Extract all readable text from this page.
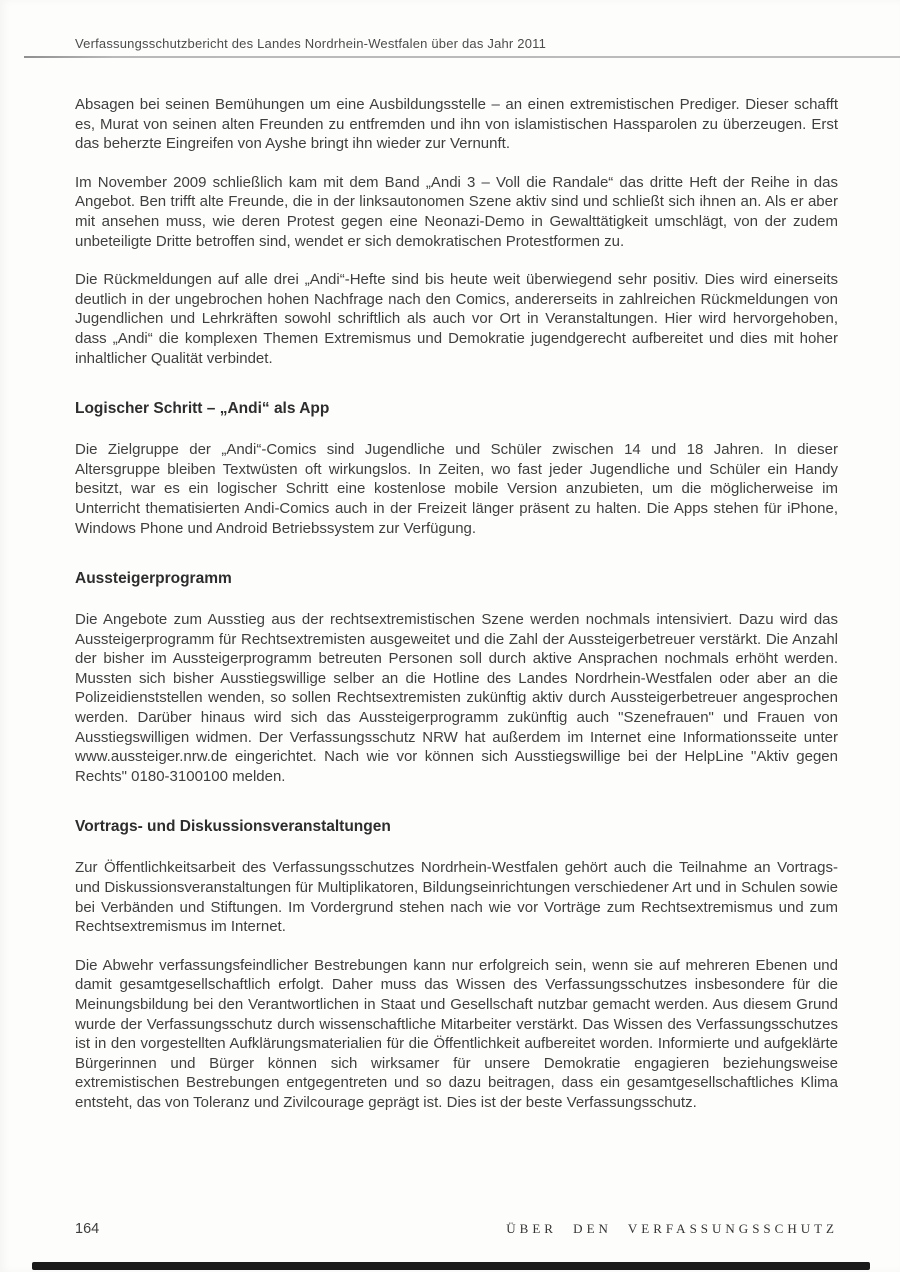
Verfassungsschutzbericht des Landes Nordrhein-Westfalen über das Jahr 2011

Absagen bei seinen Bemühungen um eine Ausbildungsstelle – an einen extremistischen Prediger. Dieser schafft es, Murat von seinen alten Freunden zu entfremden und ihn von islamistischen Hassparolen zu überzeugen. Erst das beherzte Eingreifen von Ayshe bringt ihn wieder zur Vernunft.

Im November 2009 schließlich kam mit dem Band „Andi 3 – Voll die Randale“ das dritte Heft der Reihe in das Angebot. Ben trifft alte Freunde, die in der linksautonomen Szene aktiv sind und schließt sich ihnen an. Als er aber mit ansehen muss, wie deren Protest gegen eine Neonazi-Demo in Gewalttätigkeit umschlägt, von der zudem unbeteiligte Dritte betroffen sind, wendet er sich demokratischen Protestformen zu.

Die Rückmeldungen auf alle drei „Andi“-Hefte sind bis heute weit überwiegend sehr positiv. Dies wird einerseits deutlich in der ungebrochen hohen Nachfrage nach den Comics, andererseits in zahlreichen Rückmeldungen von Jugendlichen und Lehrkräften sowohl schriftlich als auch vor Ort in Veranstaltungen. Hier wird hervorgehoben, dass „Andi“ die komplexen Themen Extremismus und Demokratie jugendgerecht aufbereitet und dies mit hoher inhaltlicher Qualität verbindet.

Logischer Schritt – „Andi“ als App

Die Zielgruppe der „Andi“-Comics sind Jugendliche und Schüler zwischen 14 und 18 Jahren. In dieser Altersgruppe bleiben Textwüsten oft wirkungslos. In Zeiten, wo fast jeder Jugendliche und Schüler ein Handy besitzt, war es ein logischer Schritt eine kostenlose mobile Version anzubieten, um die möglicherweise im Unterricht thematisierten Andi-Comics auch in der Freizeit länger präsent zu halten. Die Apps stehen für iPhone, Windows Phone und Android Betriebssystem zur Verfügung.

Aussteigerprogramm

Die Angebote zum Ausstieg aus der rechtsextremistischen Szene werden nochmals intensiviert. Dazu wird das Aussteigerprogramm für Rechtsextremisten ausgeweitet und die Zahl der Aussteigerbetreuer verstärkt. Die Anzahl der bisher im Aussteigerprogramm betreuten Personen soll durch aktive Ansprachen nochmals erhöht werden. Mussten sich bisher Ausstiegswillige selber an die Hotline des Landes Nordrhein-Westfalen oder aber an die Polizeidienststellen wenden, so sollen Rechtsextremisten zukünftig aktiv durch Aussteigerbetreuer angesprochen werden. Darüber hinaus wird sich das Aussteigerprogramm zukünftig auch "Szenefrauen" und Frauen von Ausstiegswilligen widmen. Der Verfassungsschutz NRW hat außerdem im Internet eine Informationsseite unter www.aussteiger.nrw.de eingerichtet. Nach wie vor können sich Ausstiegswillige bei der HelpLine "Aktiv gegen Rechts" 0180-3100100 melden.

Vortrags- und Diskussionsveranstaltungen

Zur Öffentlichkeitsarbeit des Verfassungsschutzes Nordrhein-Westfalen gehört auch die Teilnahme an Vortrags- und Diskussionsveranstaltungen für Multiplikatoren, Bildungseinrichtungen verschiedener Art und in Schulen sowie bei Verbänden und Stiftungen. Im Vordergrund stehen nach wie vor Vorträge zum Rechtsextremismus und zum Rechtsextremismus im Internet.

Die Abwehr verfassungsfeindlicher Bestrebungen kann nur erfolgreich sein, wenn sie auf mehreren Ebenen und damit gesamtgesellschaftlich erfolgt. Daher muss das Wissen des Verfassungsschutzes insbesondere für die Meinungsbildung bei den Verantwortlichen in Staat und Gesellschaft nutzbar gemacht werden. Aus diesem Grund wurde der Verfassungsschutz durch wissenschaftliche Mitarbeiter verstärkt. Das Wissen des Verfassungsschutzes ist in den vorgestellten Aufklärungsmaterialien für die Öffentlichkeit aufbereitet worden. Informierte und aufgeklärte Bürgerinnen und Bürger können sich wirksamer für unsere Demokratie engagieren beziehungsweise extremistischen Bestrebungen entgegentreten und so dazu beitragen, dass ein gesamtgesellschaftliches Klima entsteht, das von Toleranz und Zivilcourage geprägt ist. Dies ist der beste Verfassungsschutz.

164	ÜBER DEN VERFASSUNGSSCHUTZ
